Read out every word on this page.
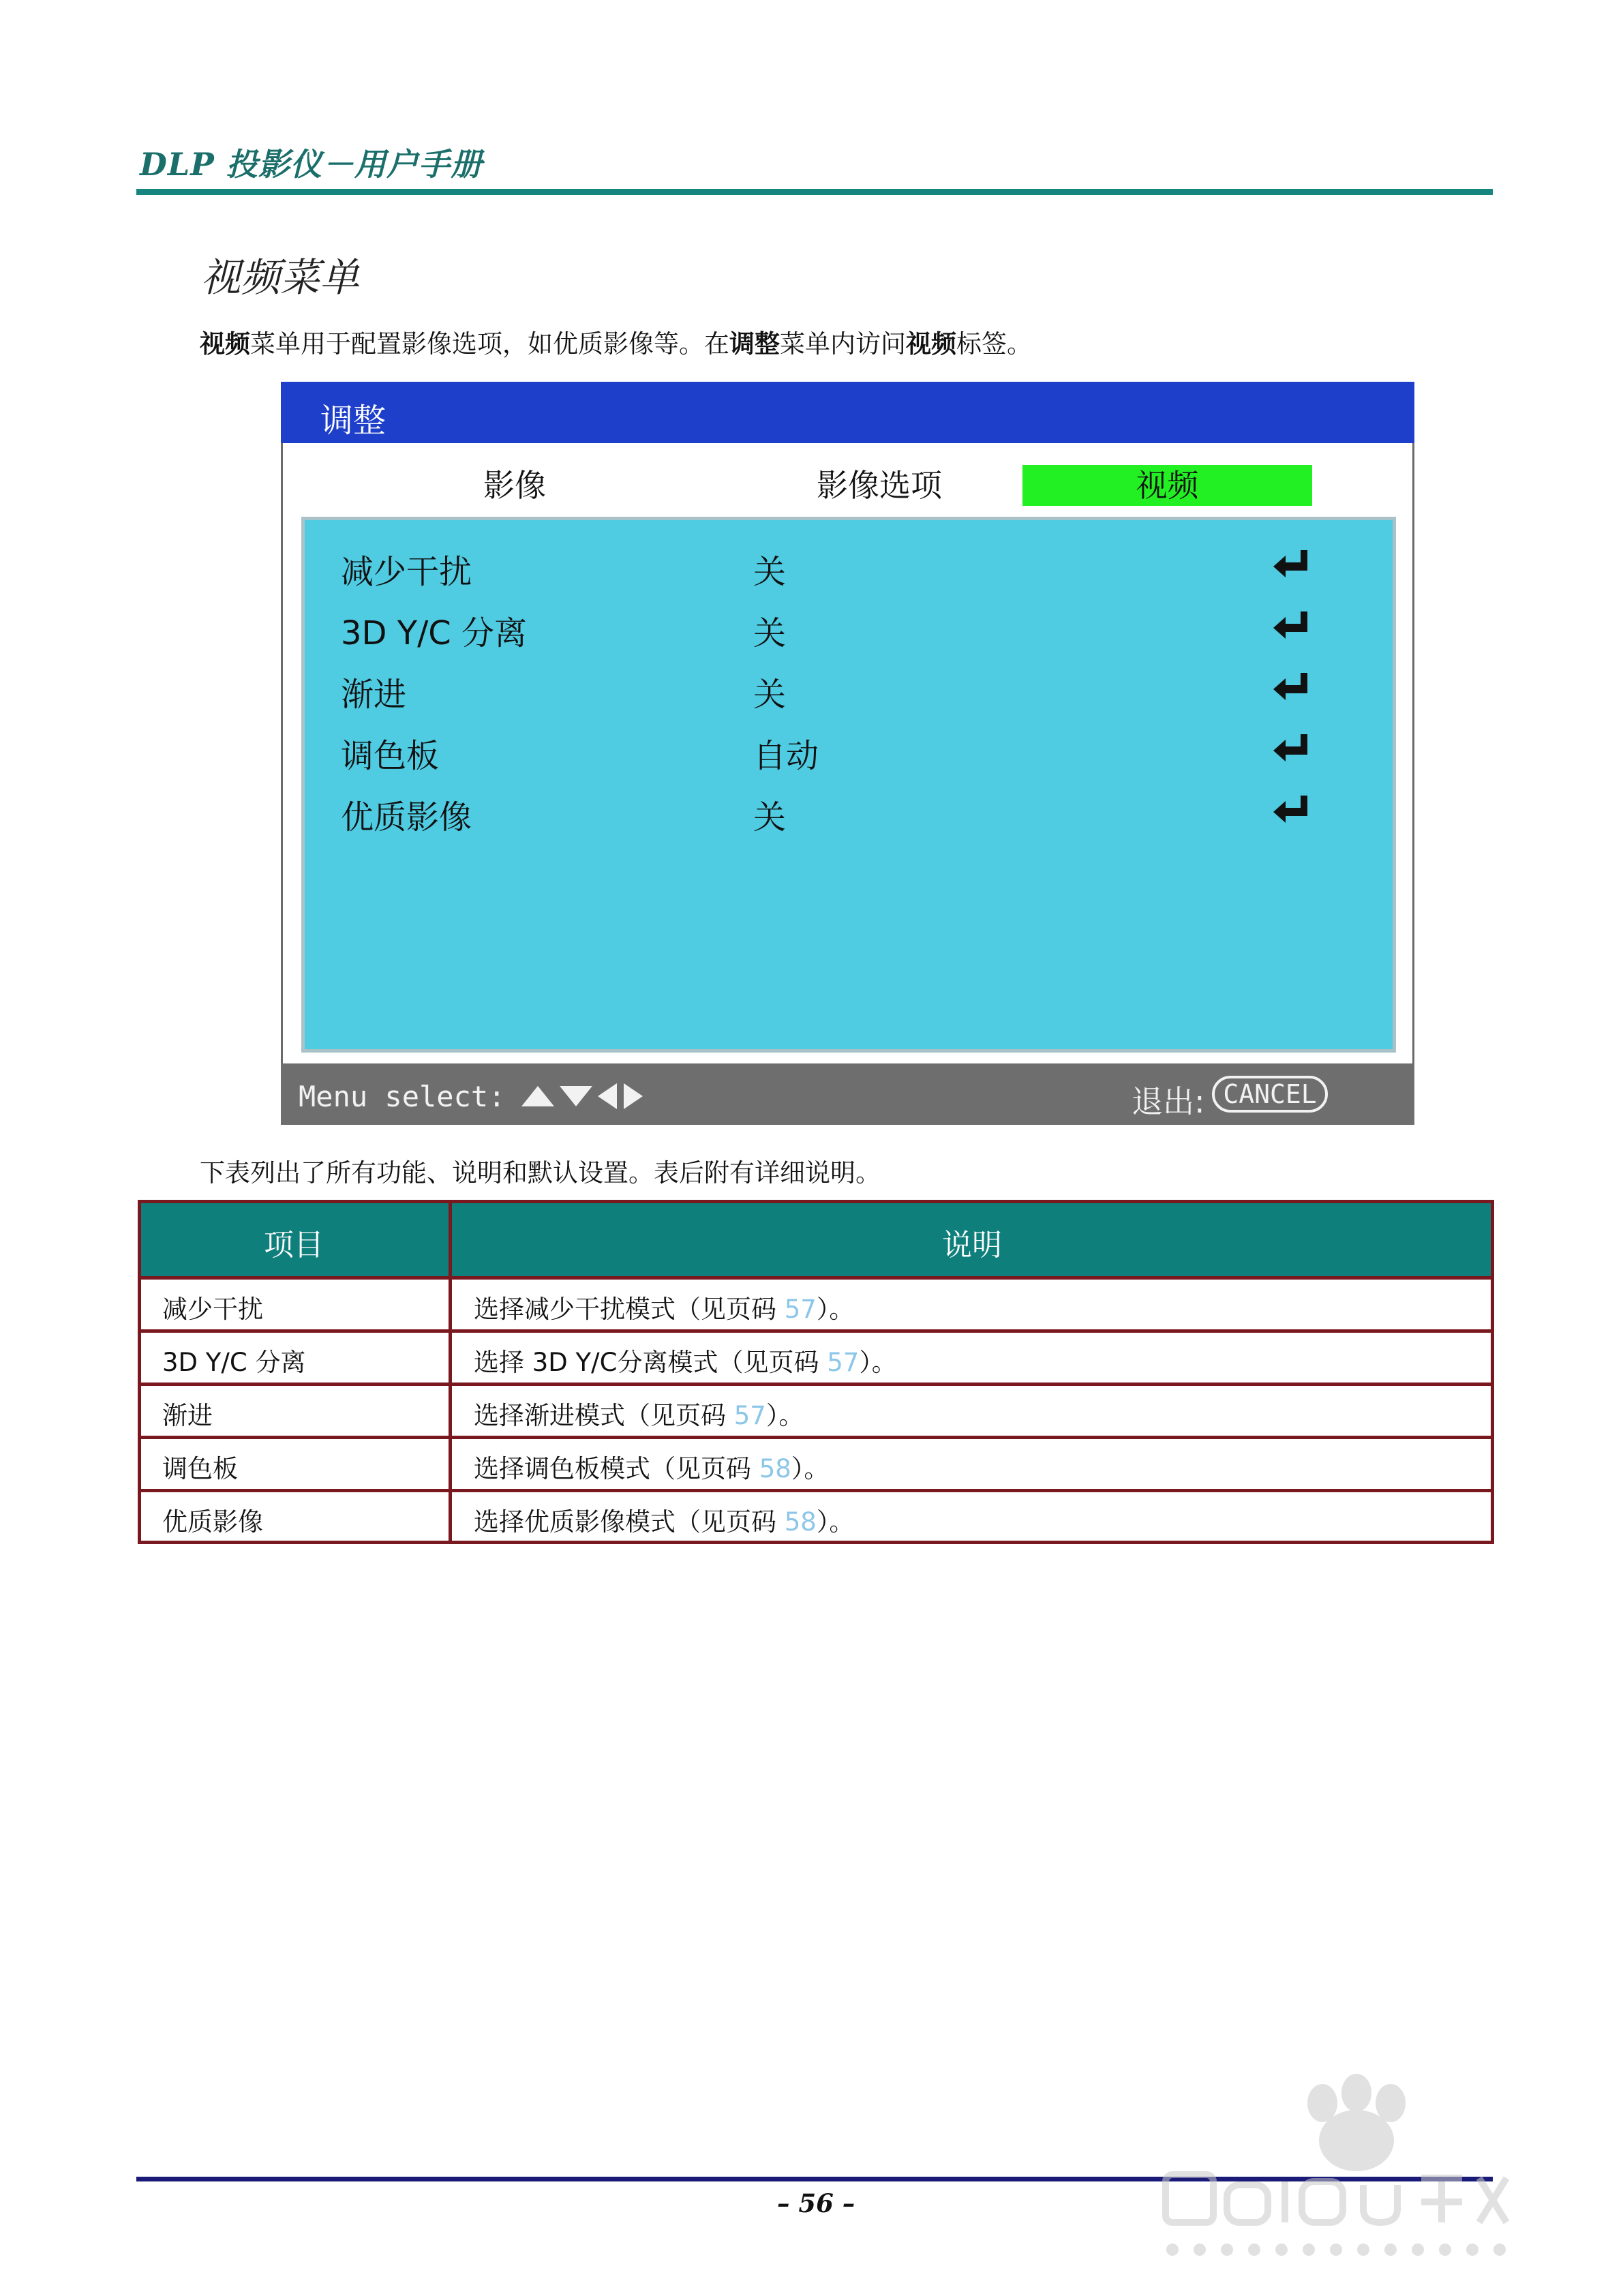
DLP 投影仪－用户手册
视频菜单
视频菜单用于配置影像选项，如优质影像等。在调整菜单内访问视频标签。
调整
影像	影像选项	视频
减少干扰	关
3D Y/C 分离	关
渐进	关
调色板	自动
优质影像	关
Menu select:	退出: CANCEL
下表列出了所有功能、说明和默认设置。表后附有详细说明。
项目	说明
减少干扰	选择减少干扰模式（见页码 57）。
3D Y/C 分离	选择 3D Y/C分离模式（见页码 57）。
渐进	选择渐进模式（见页码 57）。
调色板	选择调色板模式（见页码 58）。
优质影像	选择优质影像模式（见页码 58）。
– 56 –
